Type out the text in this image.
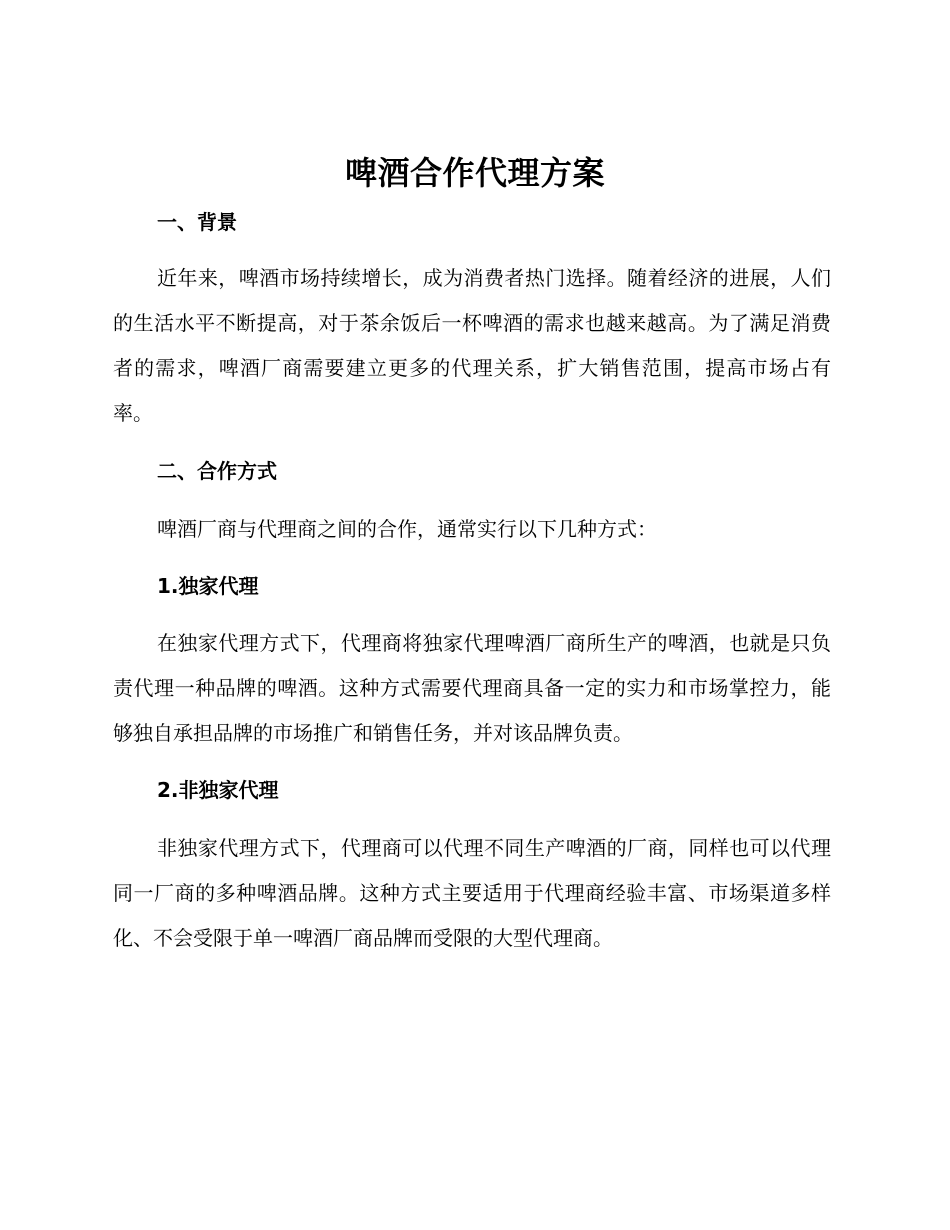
啤酒合作代理方案
一、背景

近年来，啤酒市场持续增长，成为消费者热门选择。随着经济的进展，人们的生活水平不断提高，对于茶余饭后一杯啤酒的需求也越来越高。为了满足消费者的需求，啤酒厂商需要建立更多的代理关系，扩大销售范围，提高市场占有率。

二、合作方式

啤酒厂商与代理商之间的合作，通常实行以下几种方式：

1.独家代理

在独家代理方式下，代理商将独家代理啤酒厂商所生产的啤酒，也就是只负责代理一种品牌的啤酒。这种方式需要代理商具备一定的实力和市场掌控力，能够独自承担品牌的市场推广和销售任务，并对该品牌负责。

2.非独家代理

非独家代理方式下，代理商可以代理不同生产啤酒的厂商，同样也可以代理同一厂商的多种啤酒品牌。这种方式主要适用于代理商经验丰富、市场渠道多样化、不会受限于单一啤酒厂商品牌而受限的大型代理商。
